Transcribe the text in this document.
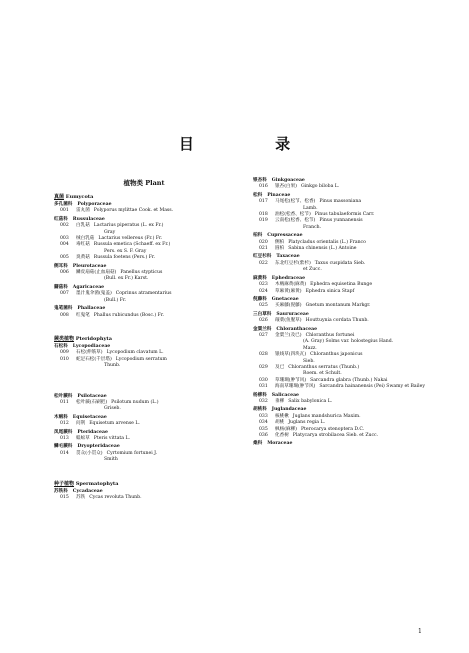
目 录
植物类 Plant
真菌 Eumycota
多孔菌科 Polyporaceae
001	雷丸菌 Polyporus mylittae Cook. et Mass.
红菇科 Russulaceae
002	白乳菇 Lactarius piperatus (L. ex Fr.)
Gray
003	绒白乳菇 Lactarius vellereus (Fr.) Fr.
004	毒红菇 Russula emetica (Schaeff. ex Fr.)
Pers. ex S. F. Gray
005	臭黄菇 Russula foetens (Pers.) Fr.
侧耳科 Pleurotaceae
006	鳞皮扇菇(止血扇菇) Panellus stypticus
(Bull. ex Fr.) Karst.
蘑菇科 Agaricaceae
007	墨汁鬼伞菌(鬼盖) Coprinus atramentarius
(Bull.) Fr.
鬼笔菌科 Phallaceae
008	红鬼笔 Phallus rubicundus (Bosc.) Fr.
蕨类植物 Pteridophyta
石松科 Lycopodiaceae
009	石松(伸筋草) Lycopodium clavatum L.
010	蛇足石松(千层塔) Lycopodium serratum
Thunb.
松叶蕨科 Psilotaceae
011	松叶蕨(石刷把) Psilotum nudum (L.)
Griseb.
木贼科 Equisetaceae
012	问荆 Equisetum arvense L.
凤尾蕨科 Pteridaceae
013	蜈蚣草 Pteris vittata L.
鳞毛蕨科 Dryopteridaceae
014	贯众(小贯众) Cyrtomium fortunei J.
Smith
种子植物 Spermatophyta
苏铁科 Cycadaceae
015	苏铁 Cycas revoluta Thunb.
银杏科 Ginkgoaceae
016	银杏(白果) Ginkgo biloba L.
松科 Pinaceae
017	马尾松(松节、松香) Pinus massoniana
Lamb.
018	油松(松香、松节) Pinus tabulaeformis Carr.
019	云南松(松香、松节) Pinus yunnanensis
Franch.
柏科 Cupressaceae
020	侧柏 Platycladus orientalis (L.) Franco
021	圆柏 Sabina chinensis (L.) Antoine
红豆杉科 Taxaceae
022	东北红豆杉(紫杉) Taxus cuspidata Sieb.
et Zucc.
麻黄科 Ephedraceae
023	木贼麻黄(麻黄) Ephedra equisetina Bunge
024	草麻黄(麻黄) Ephedra sinica Stapf
倪藤科 Gnetaceae
025	买麻藤(倪藤) Gnetum montanum Markgr.
三白草科 Saururaceae
026	蕺菜(鱼腥草) Houttuynia cordata Thunb.
金粟兰科 Chloranthaceae
027	金粟兰(及已) Chloranthus fortunei
(A. Gray) Solms var. holostegius Hand.
Mazz.
028	银线草(四块瓦) Chloranthus japonicus
Sieb.
029	及已 Chloranthus serratus (Thunb.)
Roem. et Schult.
030	草珊瑚(肿节风) Sarcandra glabra (Thunb.) Nakai
031	海南草珊瑚(肿节风) Sarcandra hainanensis (Pei) Swamy et Bailey
杨柳科 Salicaceae
032	垂柳 Salix babylonica L.
胡桃科 Juglandaceae
033	核桃楸 Juglans mandshurica Maxim.
034	胡桃 Juglans regia L.
035	枫杨(麻柳) Pterocarya stenoptera D.C.
036	化香树 Platycarya strobilacea Sieb. et Zucc.
桑科 Moraceae
1
